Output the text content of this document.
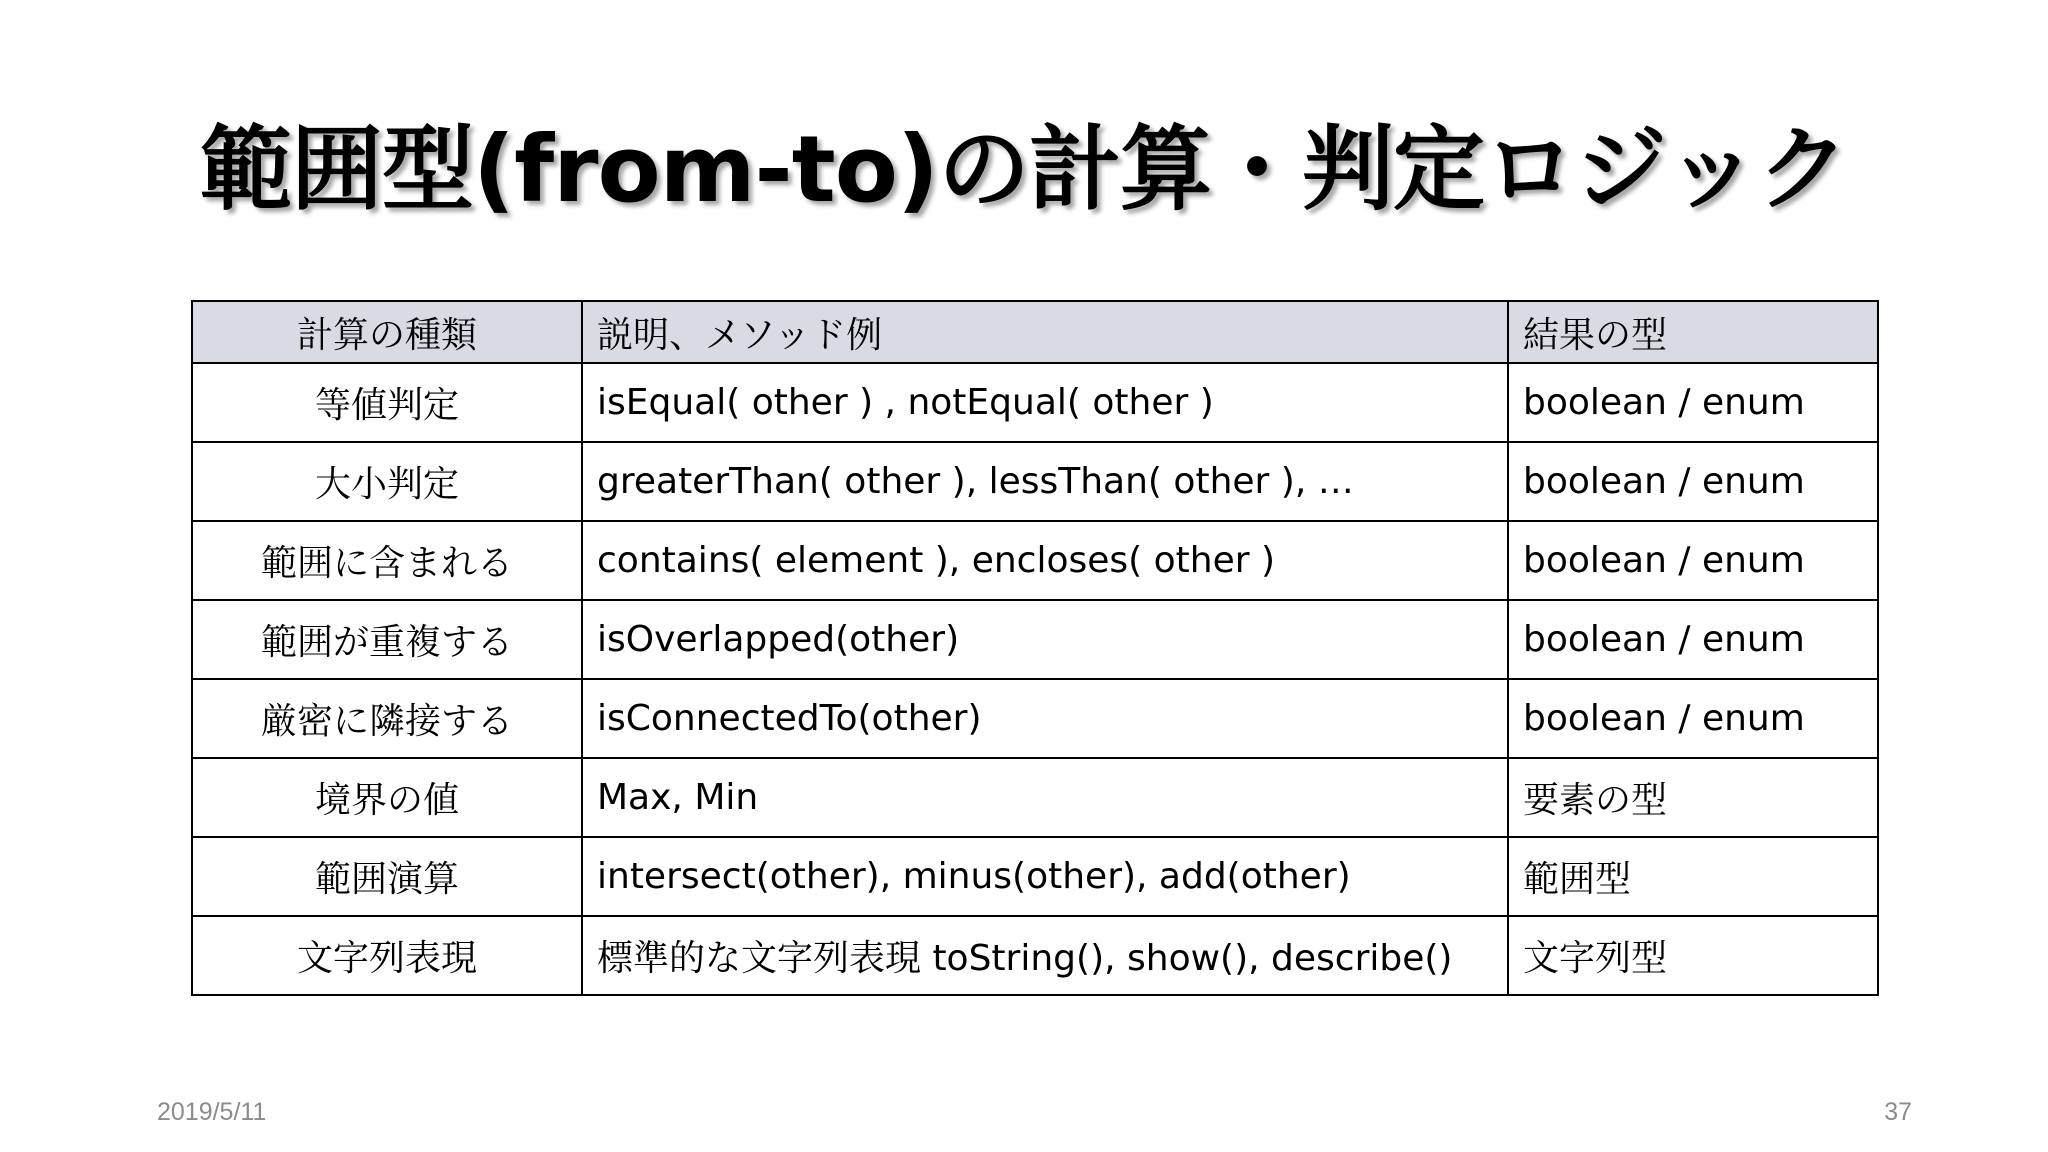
範囲型(from-to)の計算・判定ロジック
計算の種類	説明、メソッド例	結果の型
等値判定	isEqual( other ) , notEqual( other )	boolean / enum
大小判定	greaterThan( other ), lessThan( other ), …	boolean / enum
範囲に含まれる	contains( element ), encloses( other )	boolean / enum
範囲が重複する	isOverlapped(other)	boolean / enum
厳密に隣接する	isConnectedTo(other)	boolean / enum
境界の値	Max, Min	要素の型
範囲演算	intersect(other), minus(other), add(other)	範囲型
文字列表現	標準的な文字列表現 toString(), show(), describe()	文字列型
2019/5/11	37
